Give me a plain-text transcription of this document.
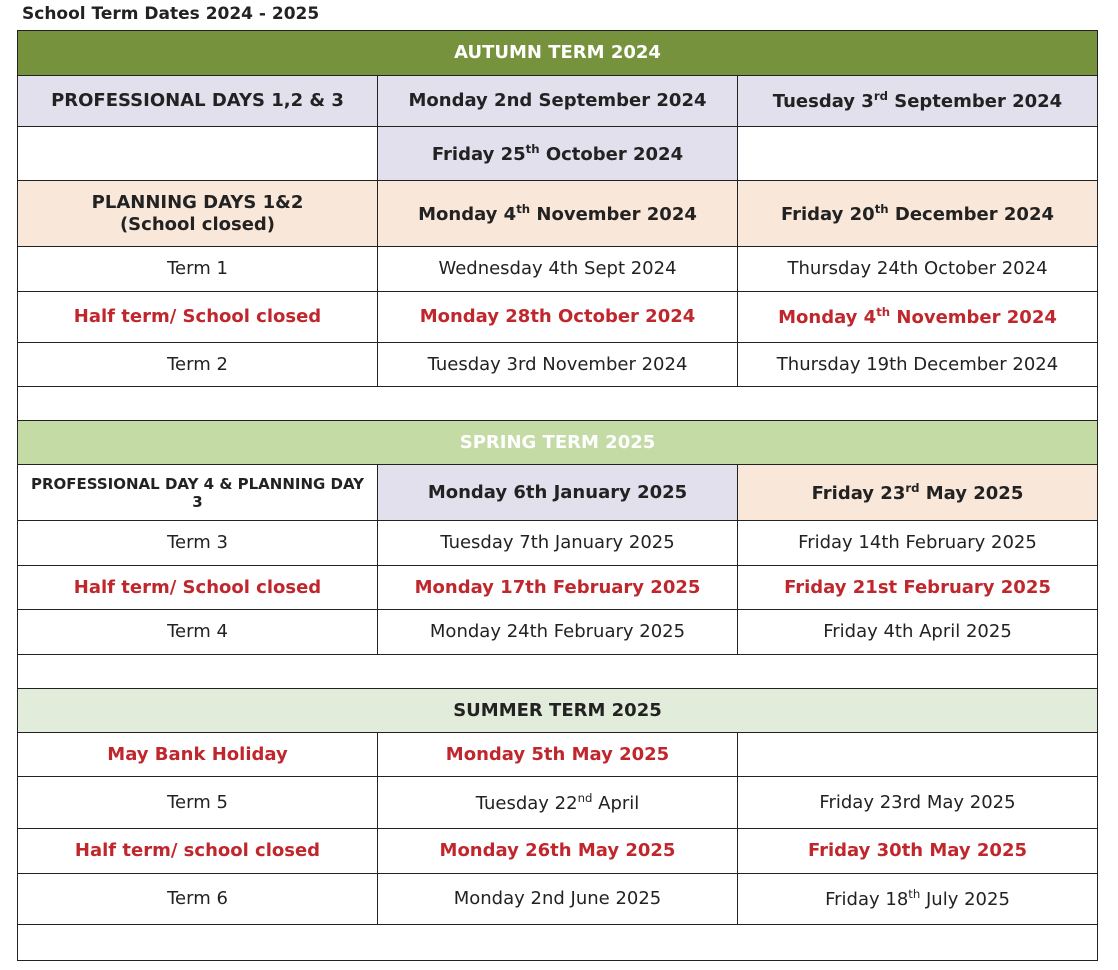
School Term Dates 2024 - 2025
AUTUMN TERM 2024		
PROFESSIONAL DAYS 1,2 & 3	Monday 2nd September 2024	Tuesday 3rd September 2024
	Friday 25th October 2024	
PLANNING DAYS 1&2
(School closed)	Monday 4th November 2024	Friday 20th December 2024
Term 1	Wednesday 4th Sept 2024	Thursday 24th October 2024
Half term/ School closed	Monday 28th October 2024	Monday 4th November 2024
Term 2	Tuesday 3rd November 2024	Thursday 19th December 2024

SPRING TERM 2025		
PROFESSIONAL DAY 4 & PLANNING DAY 3	Monday 6th January 2025	Friday 23rd May 2025
Term 3	Tuesday 7th January 2025	Friday 14th February 2025
Half term/ School closed	Monday 17th February 2025	Friday 21st February 2025
Term 4	Monday 24th February 2025	Friday 4th April 2025

SUMMER TERM 2025		
May Bank Holiday	Monday 5th May 2025	
Term 5	Tuesday 22nd April	Friday 23rd May 2025
Half term/ school closed	Monday 26th May 2025	Friday 30th May 2025
Term 6	Monday 2nd June 2025	Friday 18th July 2025
